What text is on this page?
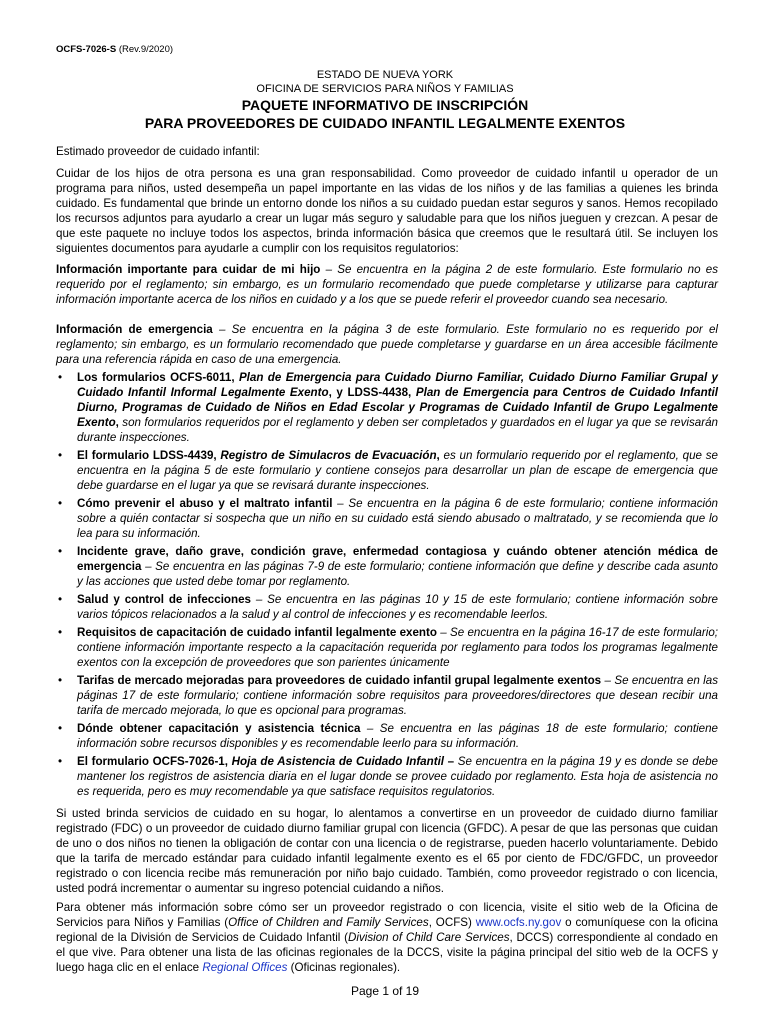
OCFS-7026-S (Rev.9/2020)
ESTADO DE NUEVA YORK
OFICINA DE SERVICIOS PARA NIÑOS Y FAMILIAS
PAQUETE INFORMATIVO DE INSCRIPCIÓN
PARA PROVEEDORES DE CUIDADO INFANTIL LEGALMENTE EXENTOS
Estimado proveedor de cuidado infantil:
Cuidar de los hijos de otra persona es una gran responsabilidad. Como proveedor de cuidado infantil u operador de un programa para niños, usted desempeña un papel importante en las vidas de los niños y de las familias a quienes les brinda cuidado. Es fundamental que brinde un entorno donde los niños a su cuidado puedan estar seguros y sanos. Hemos recopilado los recursos adjuntos para ayudarlo a crear un lugar más seguro y saludable para que los niños jueguen y crezcan. A pesar de que este paquete no incluye todos los aspectos, brinda información básica que creemos que le resultará útil. Se incluyen los siguientes documentos para ayudarle a cumplir con los requisitos regulatorios:
Información importante para cuidar de mi hijo – Se encuentra en la página 2 de este formulario. Este formulario no es requerido por el reglamento; sin embargo, es un formulario recomendado que puede completarse y utilizarse para capturar información importante acerca de los niños en cuidado y a los que se puede referir el proveedor cuando sea necesario.
Información de emergencia – Se encuentra en la página 3 de este formulario. Este formulario no es requerido por el reglamento; sin embargo, es un formulario recomendado que puede completarse y guardarse en un área accesible fácilmente para una referencia rápida en caso de una emergencia.
• Los formularios OCFS-6011, Plan de Emergencia para Cuidado Diurno Familiar, Cuidado Diurno Familiar Grupal y Cuidado Infantil Informal Legalmente Exento, y LDSS-4438, Plan de Emergencia para Centros de Cuidado Infantil Diurno, Programas de Cuidado de Niños en Edad Escolar y Programas de Cuidado Infantil de Grupo Legalmente Exento, son formularios requeridos por el reglamento y deben ser completados y guardados en el lugar ya que se revisarán durante inspecciones.
• El formulario LDSS-4439, Registro de Simulacros de Evacuación, es un formulario requerido por el reglamento, que se encuentra en la página 5 de este formulario y contiene consejos para desarrollar un plan de escape de emergencia que debe guardarse en el lugar ya que se revisará durante inspecciones.
• Cómo prevenir el abuso y el maltrato infantil – Se encuentra en la página 6 de este formulario; contiene información sobre a quién contactar si sospecha que un niño en su cuidado está siendo abusado o maltratado, y se recomienda que lo lea para su información.
• Incidente grave, daño grave, condición grave, enfermedad contagiosa y cuándo obtener atención médica de emergencia – Se encuentra en las páginas 7-9 de este formulario; contiene información que define y describe cada asunto y las acciones que usted debe tomar por reglamento.
• Salud y control de infecciones – Se encuentra en las páginas 10 y 15 de este formulario; contiene información sobre varios tópicos relacionados a la salud y al control de infecciones y es recomendable leerlos.
• Requisitos de capacitación de cuidado infantil legalmente exento – Se encuentra en la página 16-17 de este formulario; contiene información importante respecto a la capacitación requerida por reglamento para todos los programas legalmente exentos con la excepción de proveedores que son parientes únicamente
• Tarifas de mercado mejoradas para proveedores de cuidado infantil grupal legalmente exentos – Se encuentra en las páginas 17 de este formulario; contiene información sobre requisitos para proveedores/directores que desean recibir una tarifa de mercado mejorada, lo que es opcional para programas.
• Dónde obtener capacitación y asistencia técnica – Se encuentra en las páginas 18 de este formulario; contiene información sobre recursos disponibles y es recomendable leerlo para su información.
• El formulario OCFS-7026-1, Hoja de Asistencia de Cuidado Infantil – Se encuentra en la página 19 y es donde se debe mantener los registros de asistencia diaria en el lugar donde se provee cuidado por reglamento. Esta hoja de asistencia no es requerida, pero es muy recomendable ya que satisface requisitos regulatorios.
Si usted brinda servicios de cuidado en su hogar, lo alentamos a convertirse en un proveedor de cuidado diurno familiar registrado (FDC) o un proveedor de cuidado diurno familiar grupal con licencia (GFDC). A pesar de que las personas que cuidan de uno o dos niños no tienen la obligación de contar con una licencia o de registrarse, pueden hacerlo voluntariamente. Debido que la tarifa de mercado estándar para cuidado infantil legalmente exento es el 65 por ciento de FDC/GFDC, un proveedor registrado o con licencia recibe más remuneración por niño bajo cuidado. También, como proveedor registrado o con licencia, usted podrá incrementar o aumentar su ingreso potencial cuidando a niños.
Para obtener más información sobre cómo ser un proveedor registrado o con licencia, visite el sitio web de la Oficina de Servicios para Niños y Familias (Office of Children and Family Services, OCFS) www.ocfs.ny.gov o comuníquese con la oficina regional de la División de Servicios de Cuidado Infantil (Division of Child Care Services, DCCS) correspondiente al condado en el que vive. Para obtener una lista de las oficinas regionales de la DCCS, visite la página principal del sitio web de la OCFS y luego haga clic en el enlace Regional Offices (Oficinas regionales).
Page 1 of 19
